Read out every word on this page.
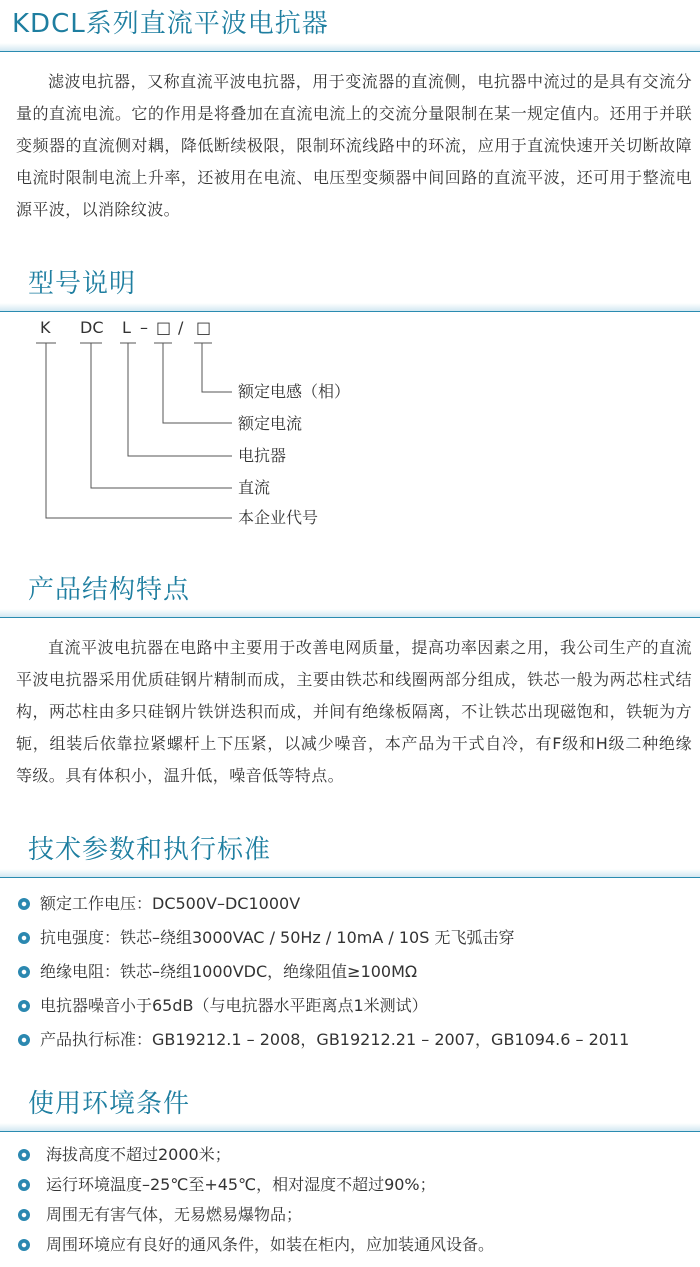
KDCL系列直流平波电抗器

滤波电抗器，又称直流平波电抗器，用于变流器的直流侧，电抗器中流过的是具有交流分量的直流电流。它的作用是将叠加在直流电流上的交流分量限制在某一规定值内。还用于并联变频器的直流侧对耦，降低断续极限，限制环流线路中的环流，应用于直流快速开关切断故障电流时限制电流上升率，还被用在电流、电压型变频器中间回路的直流平波，还可用于整流电源平波，以消除纹波。

型号说明
K DC L – □ / □
额定电感（相）
额定电流
电抗器
直流
本企业代号
产品结构特点

直流平波电抗器在电路中主要用于改善电网质量，提高功率因素之用，我公司生产的直流平波电抗器采用优质硅钢片精制而成，主要由铁芯和线圈两部分组成，铁芯一般为两芯柱式结构，两芯柱由多只硅钢片铁饼迭积而成，并间有绝缘板隔离，不让铁芯出现磁饱和，铁轭为方轭，组装后依靠拉紧螺杆上下压紧，以减少噪音，本产品为干式自冷，有F级和H级二种绝缘等级。具有体积小，温升低，噪音低等特点。

技术参数和执行标准
额定工作电压：DC500V–DC1000V
抗电强度：铁芯–绕组3000VAC / 50Hz / 10mA / 10S 无飞弧击穿
绝缘电阻：铁芯–绕组1000VDC，绝缘阻值≥100MΩ
电抗器噪音小于65dB（与电抗器水平距离点1米测试）
产品执行标准：GB19212.1 – 2008，GB19212.21 – 2007，GB1094.6 – 2011
使用环境条件
海拔高度不超过2000米；
运行环境温度–25℃至+45℃，相对湿度不超过90%；
周围无有害气体，无易燃易爆物品；
周围环境应有良好的通风条件，如装在柜内，应加装通风设备。
